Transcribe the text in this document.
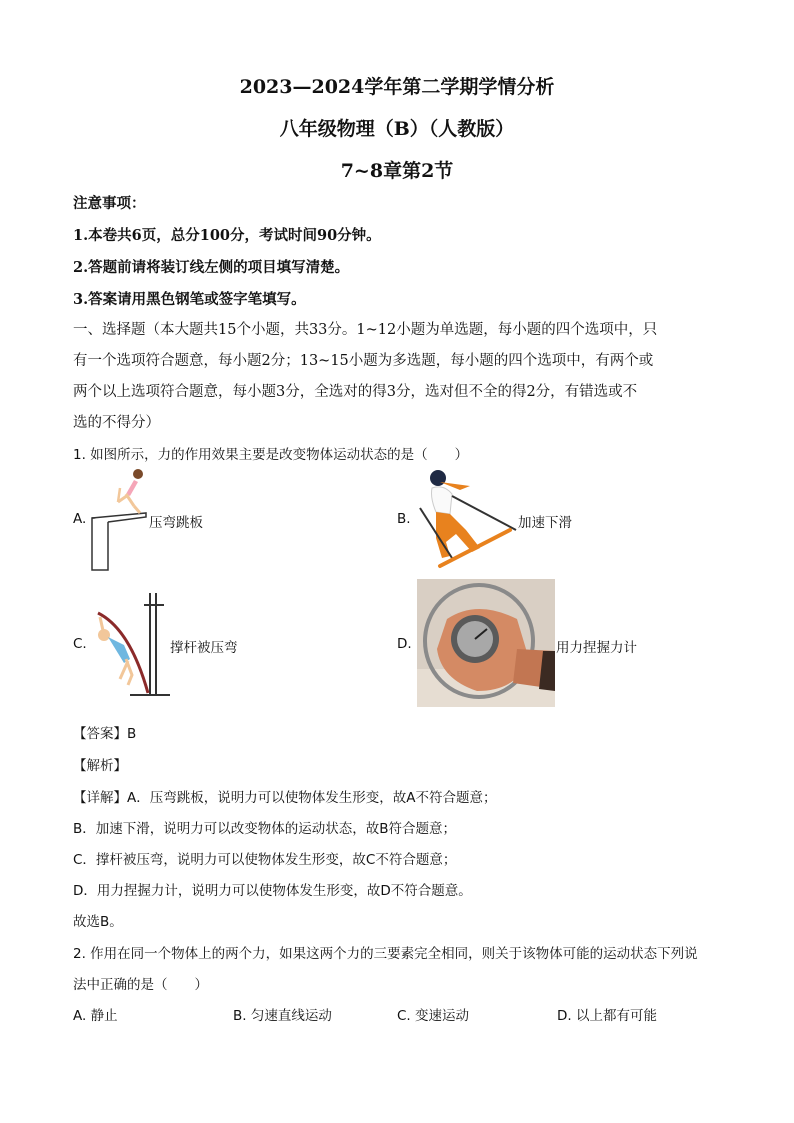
2023—2024学年第二学期学情分析
八年级物理（B）（人教版）
7~8章第2节
注意事项：
1.本卷共6页，总分100分，考试时间90分钟。
2.答题前请将装订线左侧的项目填写清楚。
3.答案请用黑色钢笔或签字笔填写。
一、选择题（本大题共15个小题，共33分。1~12小题为单选题，每小题的四个选项中，只
有一个选项符合题意，每小题2分；13~15小题为多选题，每小题的四个选项中，有两个或
两个以上选项符合题意，每小题3分，全选对的得3分，选对但不全的得2分，有错选或不
选的不得分）
1. 如图所示，力的作用效果主要是改变物体运动状态的是（　　）
A.	压弯跳板	B.	加速下滑
C.	撑杆被压弯	D.	用力捏握力计
【答案】B
【解析】
【详解】A．压弯跳板，说明力可以使物体发生形变，故A不符合题意；
B．加速下滑，说明力可以改变物体的运动状态，故B符合题意；
C．撑杆被压弯，说明力可以使物体发生形变，故C不符合题意；
D．用力捏握力计，说明力可以使物体发生形变，故D不符合题意。
故选B。
2. 作用在同一个物体上的两个力，如果这两个力的三要素完全相同，则关于该物体可能的运动状态下列说
法中正确的是（　　）
A. 静止	B. 匀速直线运动	C. 变速运动	D. 以上都有可能
